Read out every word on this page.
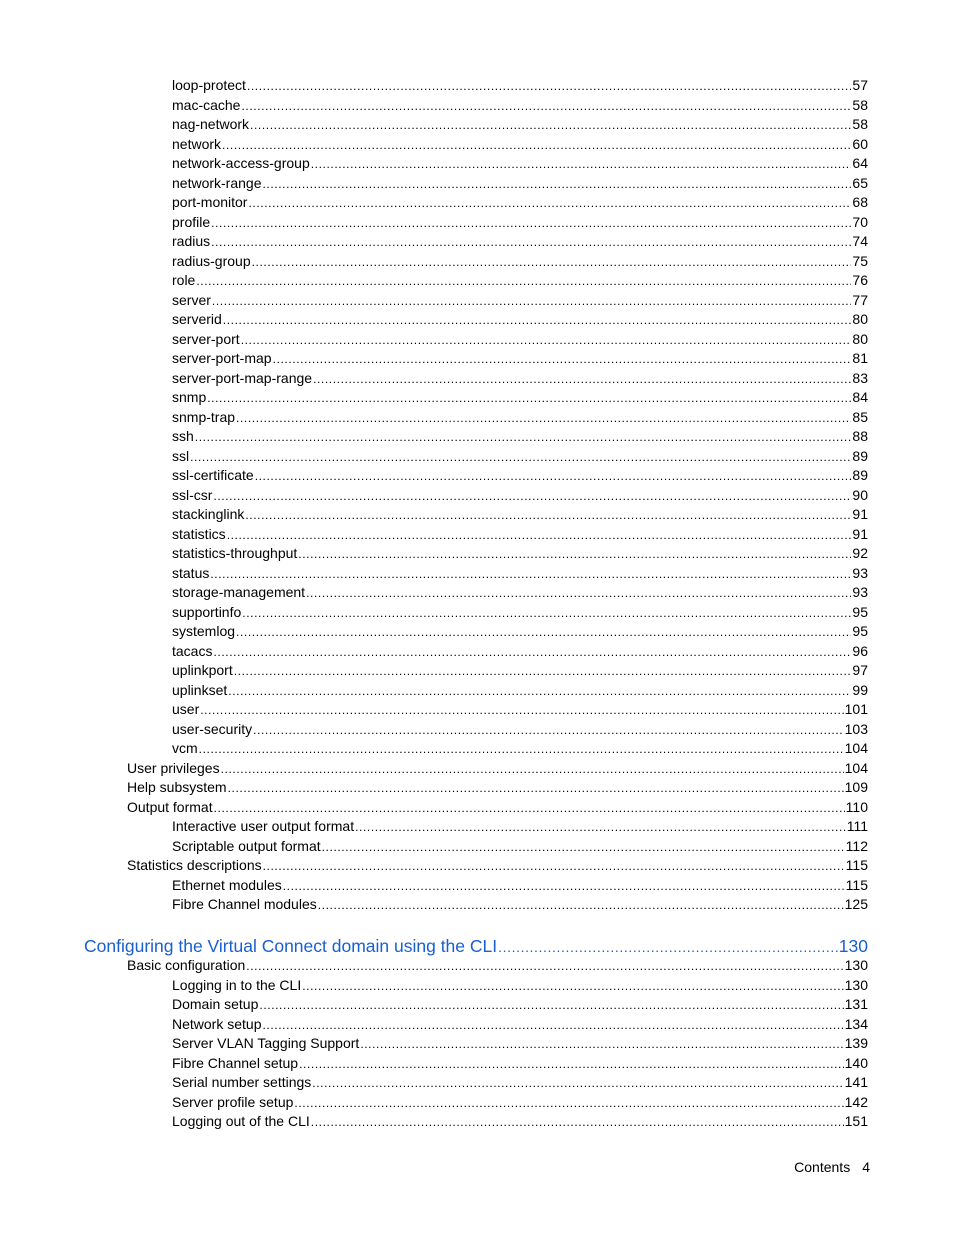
loop-protect .....	57
mac-cache .....	58
nag-network .....	58
network .....	60
network-access-group .....	64
network-range .....	65
port-monitor .....	68
profile .....	70
radius .....	74
radius-group .....	75
role .....	76
server .....	77
serverid .....	80
server-port .....	80
server-port-map .....	81
server-port-map-range .....	83
snmp .....	84
snmp-trap .....	85
ssh .....	88
ssl .....	89
ssl-certificate .....	89
ssl-csr .....	90
stackinglink .....	91
statistics .....	91
statistics-throughput .....	92
status .....	93
storage-management .....	93
supportinfo .....	95
systemlog .....	95
tacacs .....	96
uplinkport .....	97
uplinkset .....	99
user .....	101
user-security .....	103
vcm .....	104
User privileges .....	104
Help subsystem .....	109
Output format .....	110
Interactive user output format .....	111
Scriptable output format .....	112
Statistics descriptions .....	115
Ethernet modules .....	115
Fibre Channel modules .....	125
Configuring the Virtual Connect domain using the CLI .....	130
Basic configuration .....	130
Logging in to the CLI .....	130
Domain setup .....	131
Network setup .....	134
Server VLAN Tagging Support .....	139
Fibre Channel setup .....	140
Serial number settings .....	141
Server profile setup .....	142
Logging out of the CLI .....	151
Contents 4
